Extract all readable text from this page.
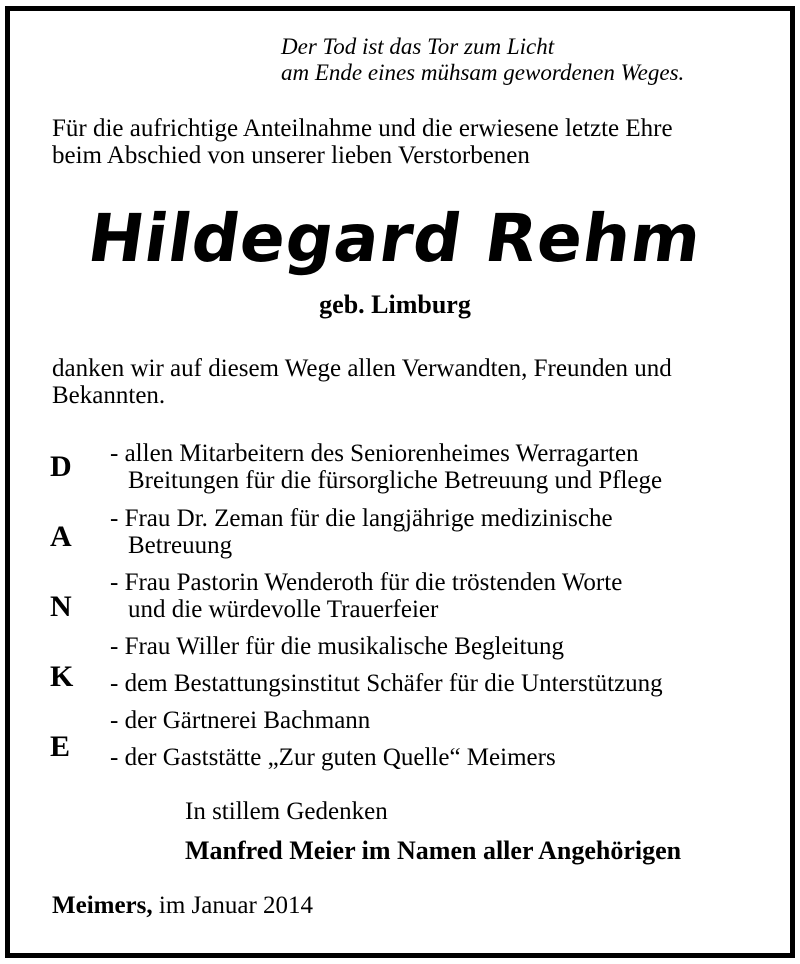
Der Tod ist das Tor zum Licht
am Ende eines mühsam gewordenen Weges.
Für die aufrichtige Anteilnahme und die erwiesene letzte Ehre
beim Abschied von unserer lieben Verstorbenen
Hildegard Rehm
geb. Limburg
danken wir auf diesem Wege allen Verwandten, Freunden und
Bekannten.
D
A
N
K
E
- allen Mitarbeitern des Seniorenheimes Werragarten
Breitungen für die fürsorgliche Betreuung und Pflege
- Frau Dr. Zeman für die langjährige medizinische
Betreuung
- Frau Pastorin Wenderoth für die tröstenden Worte
und die würdevolle Trauerfeier
- Frau Willer für die musikalische Begleitung
- dem Bestattungsinstitut Schäfer für die Unterstützung
- der Gärtnerei Bachmann
- der Gaststätte „Zur guten Quelle“ Meimers
In stillem Gedenken
Manfred Meier im Namen aller Angehörigen
Meimers, im Januar 2014
